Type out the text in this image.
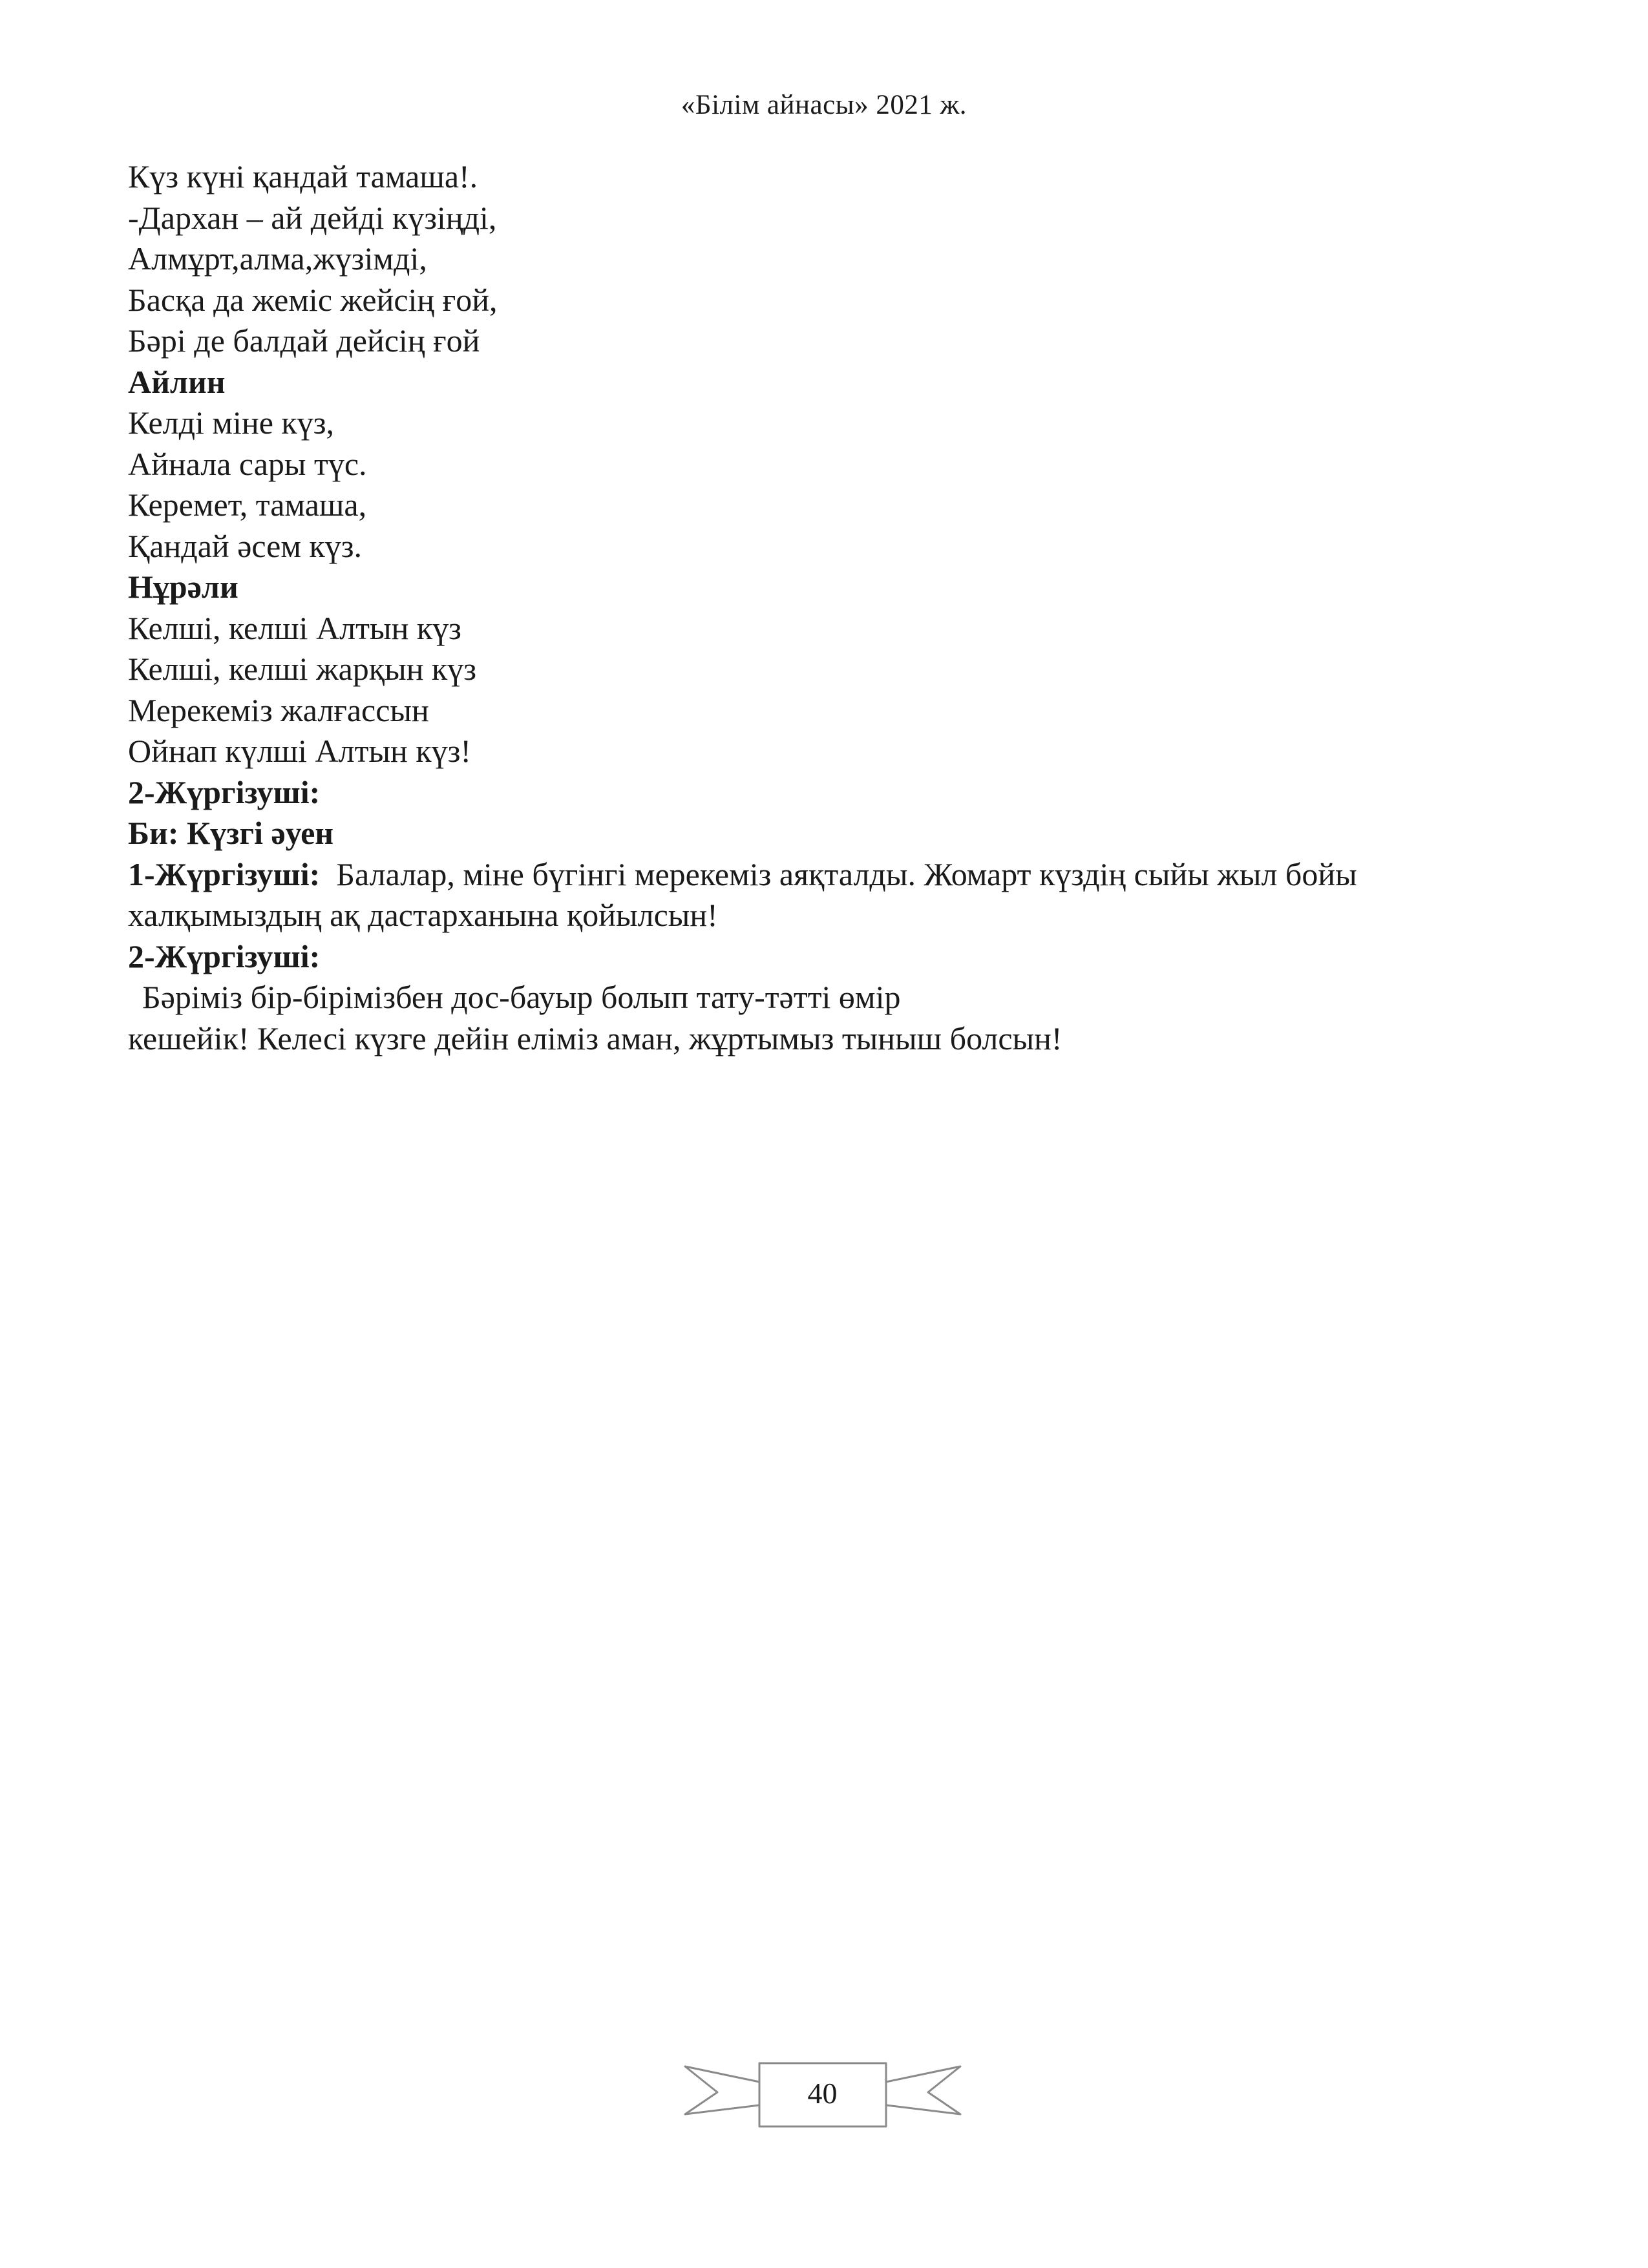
«Білім айнасы» 2021 ж.
Күз күні қандай тамаша!.
-Дархан – ай дейді күзіңді,
Алмұрт,алма,жүзімді,
Басқа да жеміс жейсің ғой,
Бәрі де балдай дейсің ғой
Айлин
Келді міне күз,
Айнала сары түс.
Керемет, тамаша,
Қандай әсем күз.
Нұрәли
Келші, келші Алтын күз
Келші, келші жарқын күз
Мерекеміз жалғассын
Ойнап күлші Алтын күз!
2-Жүргізуші:
Би: Күзгі әуен
1-Жүргізуші: Балалар, міне бүгінгі мерекеміз аяқталды. Жомарт күздің сыйы жыл бойы
халқымыздың ақ дастарханына қойылсын!
2-Жүргізуші:
Бәріміз бір-бірімізбен дос-бауыр болып тату-тәтті өмір
кешейік! Келесі күзге дейін еліміз аман, жұртымыз тыныш болсын!
40
